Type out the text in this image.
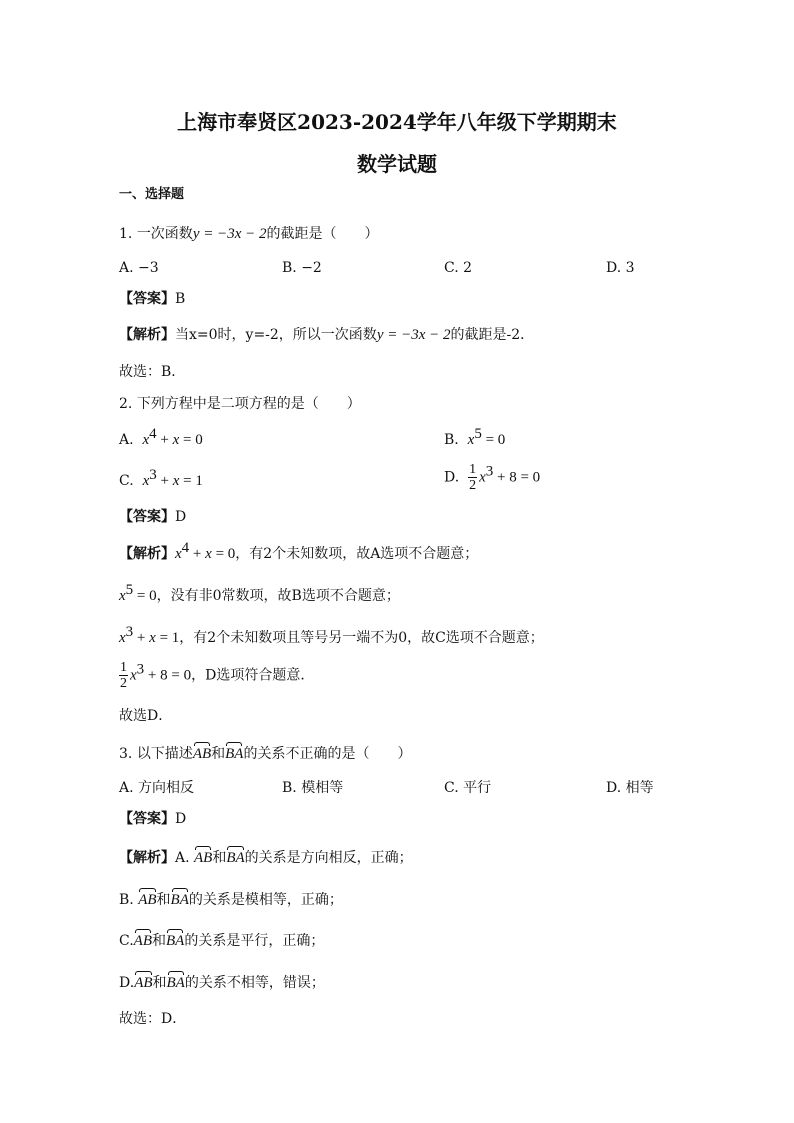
上海市奉贤区2023-2024学年八年级下学期期末
数学试题
一、选择题
1. 一次函数y = −3x − 2的截距是（　　）
A. −3	B. −2	C. 2	D. 3
【答案】B
【解析】当x=0时，y=-2，所以一次函数y = −3x − 2的截距是-2．
故选：B．
2. 下列方程中是二项方程的是（　　）
A. $x^4 + x = 0$	B. $x^5 = 0$
C. $x^3 + x = 1$	D. $\frac{1}{2} x^3 + 8 = 0$
【答案】D
【解析】$x^4 + x = 0$，有2个未知数项，故A选项不合题意；
$x^5 = 0$，没有非0常数项，故B选项不合题意；
$x^3 + x = 1$，有2个未知数项且等号另一端不为0，故C选项不合题意；
$\frac{1}{2} x^3 + 8 = 0$，D选项符合题意．
故选D．
3. 以下描述AB和BA的关系不正确的是（　　）
A. 方向相反	B. 模相等	C. 平行	D. 相等
【答案】D
【解析】A. AB和BA的关系是方向相反，正确；
B. AB和BA的关系是模相等，正确；
C.AB和BA的关系是平行，正确；
D.AB和BA的关系不相等，错误；
故选：D．
